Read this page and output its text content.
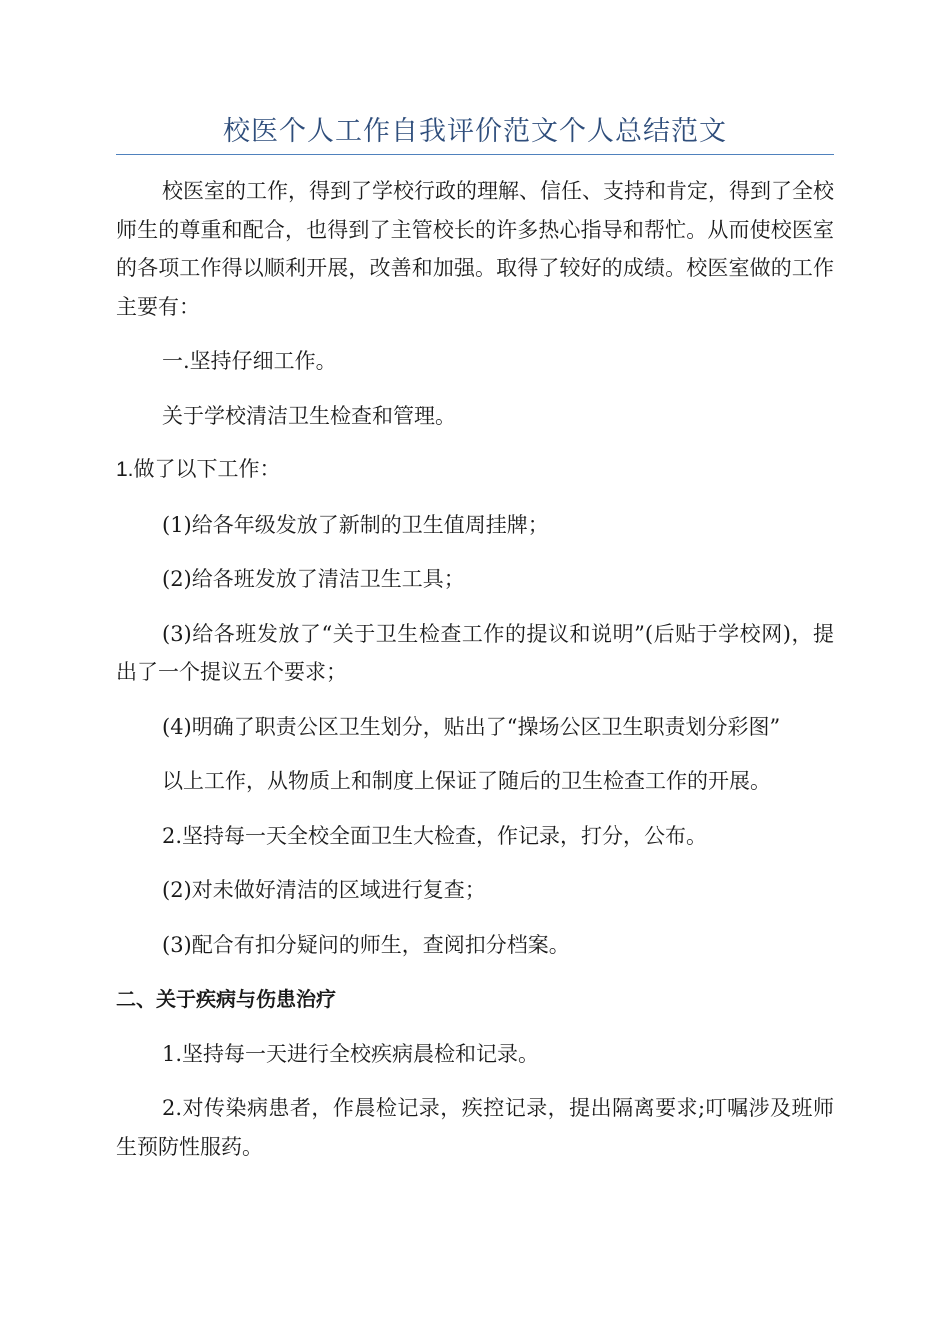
校医个人工作自我评价范文个人总结范文

校医室的工作，得到了学校行政的理解、信任、支持和肯定，得到了全校师生的尊重和配合，也得到了主管校长的许多热心指导和帮忙。从而使校医室的各项工作得以顺利开展，改善和加强。取得了较好的成绩。校医室做的工作主要有：

一.坚持仔细工作。

关于学校清洁卫生检查和管理。

1.做了以下工作：

(1)给各年级发放了新制的卫生值周挂牌；

(2)给各班发放了清洁卫生工具；

(3)给各班发放了“关于卫生检查工作的提议和说明”(后贴于学校网)，提出了一个提议五个要求；

(4)明确了职责公区卫生划分，贴出了“操场公区卫生职责划分彩图”

以上工作，从物质上和制度上保证了随后的卫生检查工作的开展。

2.坚持每一天全校全面卫生大检查，作记录，打分，公布。

(2)对未做好清洁的区域进行复查；

(3)配合有扣分疑问的师生，查阅扣分档案。

二、关于疾病与伤患治疗

1.坚持每一天进行全校疾病晨检和记录。

2.对传染病患者，作晨检记录，疾控记录，提出隔离要求;叮嘱涉及班师生预防性服药。
